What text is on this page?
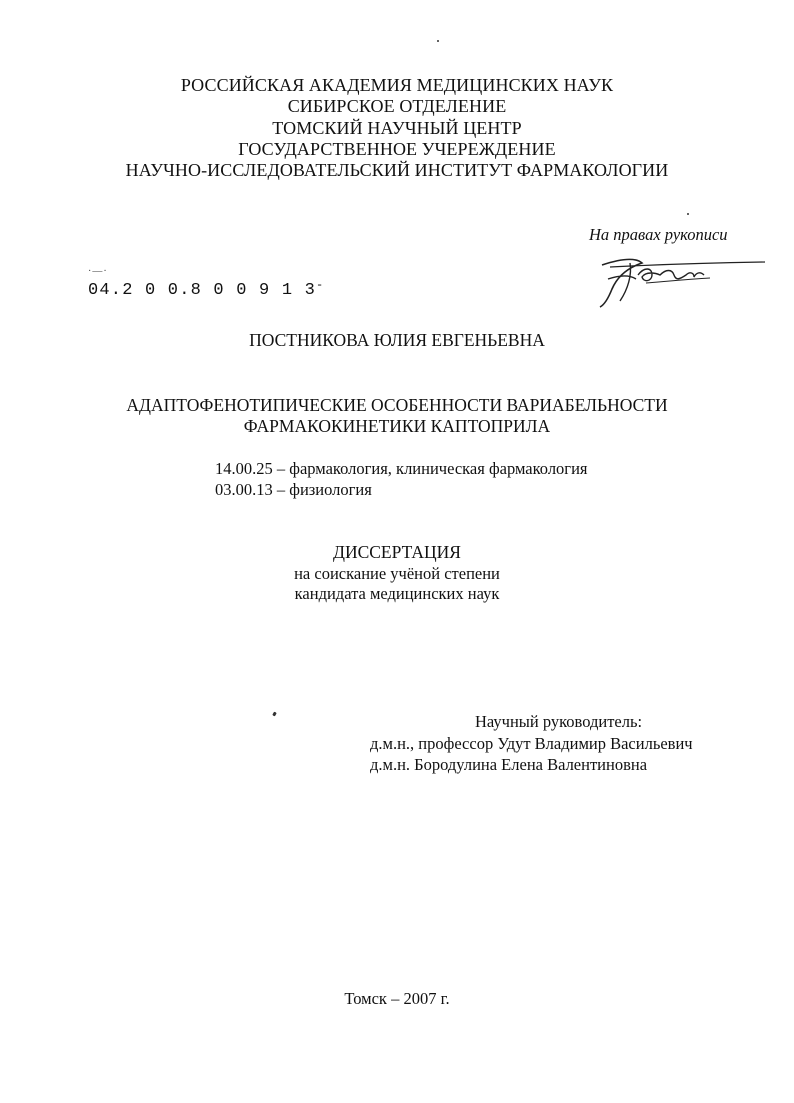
РОССИЙСКАЯ АКАДЕМИЯ МЕДИЦИНСКИХ НАУК
СИБИРСКОЕ ОТДЕЛЕНИЕ
ТОМСКИЙ НАУЧНЫЙ ЦЕНТР
ГОСУДАРСТВЕННОЕ УЧЕРЕЖДЕНИЕ
НАУЧНО-ИССЛЕДОВАТЕЛЬСКИЙ ИНСТИТУТ ФАРМАКОЛОГИИ
На правах рукописи
04.2 0 0.8 0 0 9 1 3-
·—·
ПОСТНИКОВА ЮЛИЯ ЕВГЕНЬЕВНА
АДАПТОФЕНОТИПИЧЕСКИЕ ОСОБЕННОСТИ ВАРИАБЕЛЬНОСТИ
ФАРМАКОКИНЕТИКИ КАПТОПРИЛА
14.00.25 – фармакология, клиническая фармакология
03.00.13 – физиология
ДИССЕРТАЦИЯ
на соискание учёной степени
кандидата медицинских наук
Научный руководитель:
д.м.н., профессор Удут Владимир Васильевич
д.м.н. Бородулина Елена Валентиновна
Томск – 2007 г.
